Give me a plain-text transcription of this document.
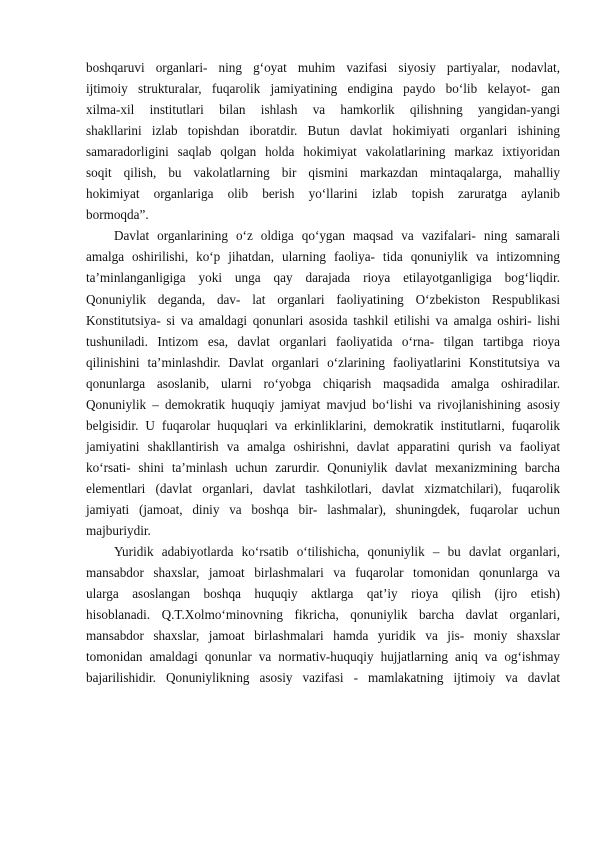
boshqaruvi organlari- ning g‘oyat muhim vazifasi siyosiy partiyalar, nodavlat,
ijtimoiy strukturalar, fuqarolik jamiyatining endigina paydo bo‘lib kelayot- gan
xilma-xil institutlari bilan ishlash va hamkorlik qilishning yangidan-yangi
shakllarini izlab topishdan iboratdir. Butun davlat hokimiyati organlari ishining
samaradorligini saqlab qolgan holda hokimiyat vakolatlarining markaz ixtiyoridan
soqit qilish, bu vakolatlarning bir qismini markazdan mintaqalarga, mahalliy
hokimiyat organlariga olib berish yo‘llarini izlab topish zaruratga aylanib
bormoqda”.
Davlat organlarining o‘z oldiga qo‘ygan maqsad va vazifalari- ning samarali
amalga oshirilishi, ko‘p jihatdan, ularning faoliya- tida qonuniylik va intizomning
ta’minlanganligiga yoki unga qay darajada rioya etilayotganligiga bog‘liqdir.
Qonuniylik deganda, dav- lat organlari faoliyatining O‘zbekiston Respublikasi
Konstitutsiya- si va amaldagi qonunlari asosida tashkil etilishi va amalga oshiri- lishi
tushuniladi. Intizom esa, davlat organlari faoliyatida o‘rna- tilgan tartibga rioya
qilinishini ta’minlashdir. Davlat organlari o‘zlarining faoliyatlarini Konstitutsiya va
qonunlarga asoslanib, ularni ro‘yobga chiqarish maqsadida amalga oshiradilar.
Qonuniylik – demokratik huquqiy jamiyat mavjud bo‘lishi va rivojlanishining asosiy
belgisidir. U fuqarolar huquqlari va erkinliklarini, demokratik institutlarni, fuqarolik
jamiyatini shakllantirish va amalga oshirishni, davlat apparatini qurish va faoliyat
ko‘rsati- shini ta’minlash uchun zarurdir. Qonuniylik davlat mexanizmining barcha
elementlari (davlat organlari, davlat tashkilotlari, davlat xizmatchilari), fuqarolik
jamiyati (jamoat, diniy va boshqa bir- lashmalar), shuningdek, fuqarolar uchun
majburiydir.
Yuridik adabiyotlarda ko‘rsatib o‘tilishicha, qonuniylik – bu davlat organlari,
mansabdor shaxslar, jamoat birlashmalari va fuqarolar tomonidan qonunlarga va
ularga asoslangan boshqa huquqiy aktlarga qat’iy rioya qilish (ijro etish)
hisoblanadi. Q.T.Xolmo‘minovning fikricha, qonuniylik barcha davlat organlari,
mansabdor shaxslar, jamoat birlashmalari hamda yuridik va jis- moniy shaxslar
tomonidan amaldagi qonunlar va normativ-huquqiy hujjatlarning aniq va og‘ishmay
bajarilishidir. Qonuniylikning asosiy vazifasi - mamlakatning ijtimoiy va davlat
